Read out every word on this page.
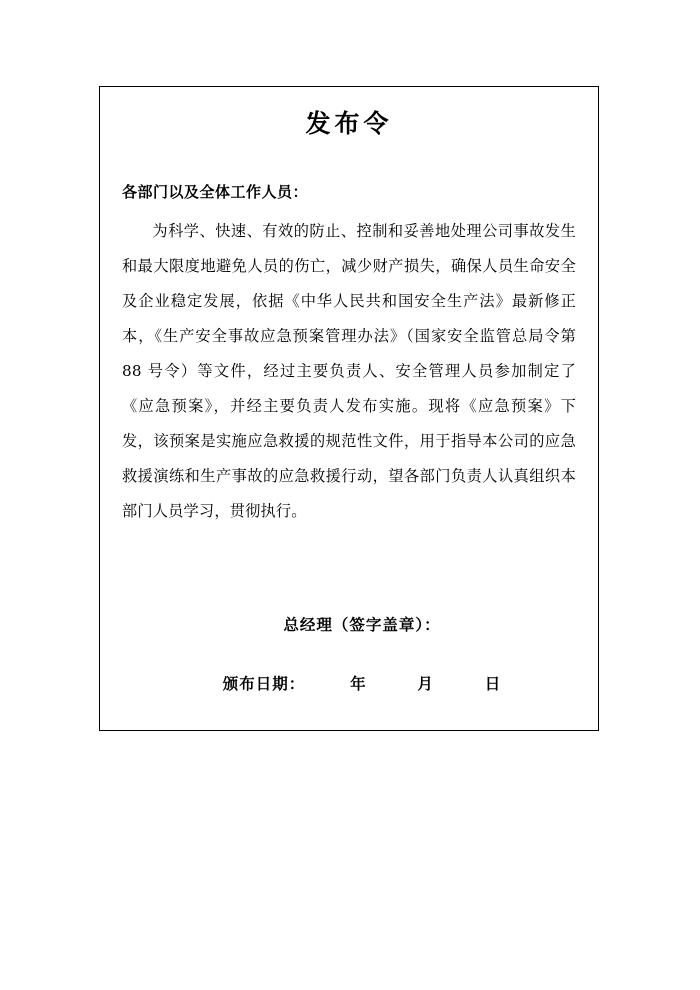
发布令
各部门以及全体工作人员：
为科学、快速、有效的防止、控制和妥善地处理公司事故发生和最大限度地避免人员的伤亡，减少财产损失，确保人员生命安全及企业稳定发展，依据《中华人民共和国安全生产法》最新修正本，《生产安全事故应急预案管理办法》（国家安全监管总局令第 88 号令）等文件，经过主要负责人、安全管理人员参加制定了《应急预案》，并经主要负责人发布实施。现将《应急预案》下发，该预案是实施应急救援的规范性文件，用于指导本公司的应急救援演练和生产事故的应急救援行动，望各部门负责人认真组织本部门人员学习，贯彻执行。
总经理（签字盖章）：
颁布日期：	年	月	日
